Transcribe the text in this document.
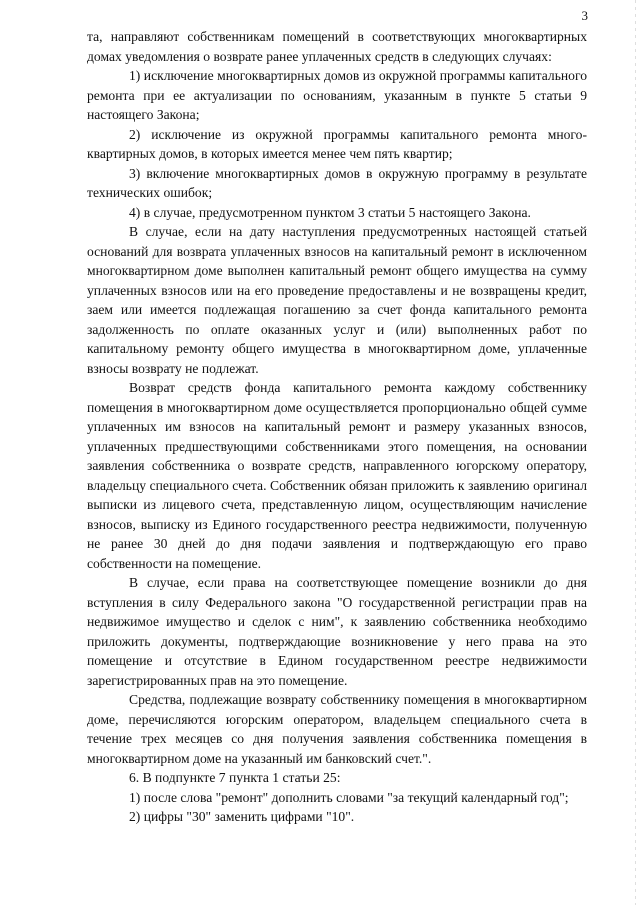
3

та, направляют собственникам помещений в соответствующих многоквартирных домах уведомления о возврате ранее уплаченных средств в следующих случаях:

1) исключение многоквартирных домов из окружной программы капитального ремонта при ее актуализации по основаниям, указанным в пункте 5 статьи 9 настоящего Закона;

2) исключение из окружной программы капитального ремонта многоквартирных домов, в которых имеется менее чем пять квартир;

3) включение многоквартирных домов в окружную программу в результате технических ошибок;

4) в случае, предусмотренном пунктом 3 статьи 5 настоящего Закона.

В случае, если на дату наступления предусмотренных настоящей статьей оснований для возврата уплаченных взносов на капитальный ремонт в исключенном многоквартирном доме выполнен капитальный ремонт общего имущества на сумму уплаченных взносов или на его проведение предоставлены и не возвращены кредит, заем или имеется подлежащая погашению за счет фонда капитального ремонта задолженность по оплате оказанных услуг и (или) выполненных работ по капитальному ремонту общего имущества в многоквартирном доме, уплаченные взносы возврату не подлежат.

Возврат средств фонда капитального ремонта каждому собственнику помещения в многоквартирном доме осуществляется пропорционально общей сумме уплаченных им взносов на капитальный ремонт и размеру указанных взносов, уплаченных предшествующими собственниками этого помещения, на основании заявления собственника о возврате средств, направленного югорскому оператору, владельцу специального счета. Собственник обязан приложить к заявлению оригинал выписки из лицевого счета, представленную лицом, осуществляющим начисление взносов, выписку из Единого государственного реестра недвижимости, полученную не ранее 30 дней до дня подачи заявления и подтверждающую его право собственности на помещение.

В случае, если права на соответствующее помещение возникли до дня вступления в силу Федерального закона "О государственной регистрации прав на недвижимое имущество и сделок с ним", к заявлению собственника необходимо приложить документы, подтверждающие возникновение у него права на это помещение и отсутствие в Едином государственном реестре недвижимости зарегистрированных прав на это помещение.

Средства, подлежащие возврату собственнику помещения в многоквартирном доме, перечисляются югорским оператором, владельцем специального счета в течение трех месяцев со дня получения заявления собственника помещения в многоквартирном доме на указанный им банковский счет.".

6. В подпункте 7 пункта 1 статьи 25:

1) после слова "ремонт" дополнить словами "за текущий календарный год";

2) цифры "30" заменить цифрами "10".
